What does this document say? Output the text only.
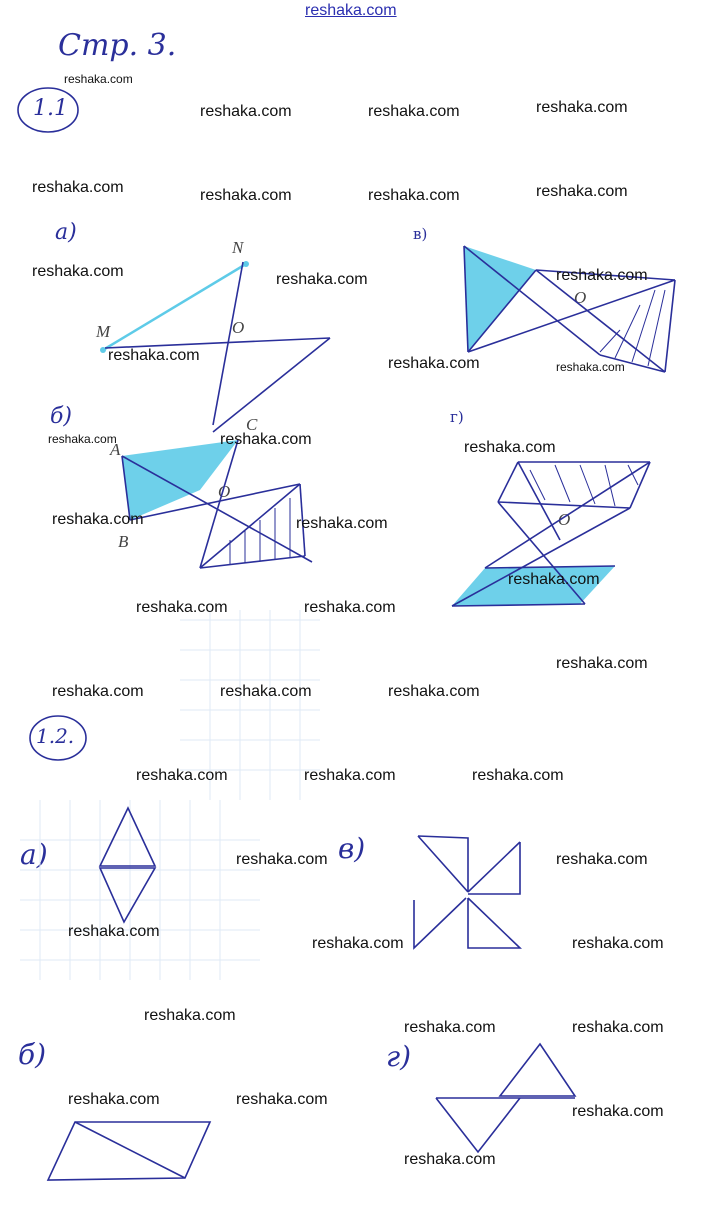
reshaka.com
Стр. 3.
1.1
1.2.
а)	в)
б)	г)
а)	в)
б)	г)
N
M	O
C
A
B
O
O
O
reshaka.com
reshaka.com	reshaka.com	reshaka.com
reshaka.com	reshaka.com	reshaka.com	reshaka.com
reshaka.com	reshaka.com	reshaka.com
reshaka.com	reshaka.com	reshaka.com
reshaka.com	reshaka.com	reshaka.com
reshaka.com	reshaka.com
reshaka.com
reshaka.com	reshaka.com
reshaka.com
reshaka.com	reshaka.com	reshaka.com
reshaka.com	reshaka.com	reshaka.com
reshaka.com	reshaka.com
reshaka.com
reshaka.com	reshaka.com
reshaka.com
reshaka.com	reshaka.com
reshaka.com	reshaka.com
reshaka.com
reshaka.com
